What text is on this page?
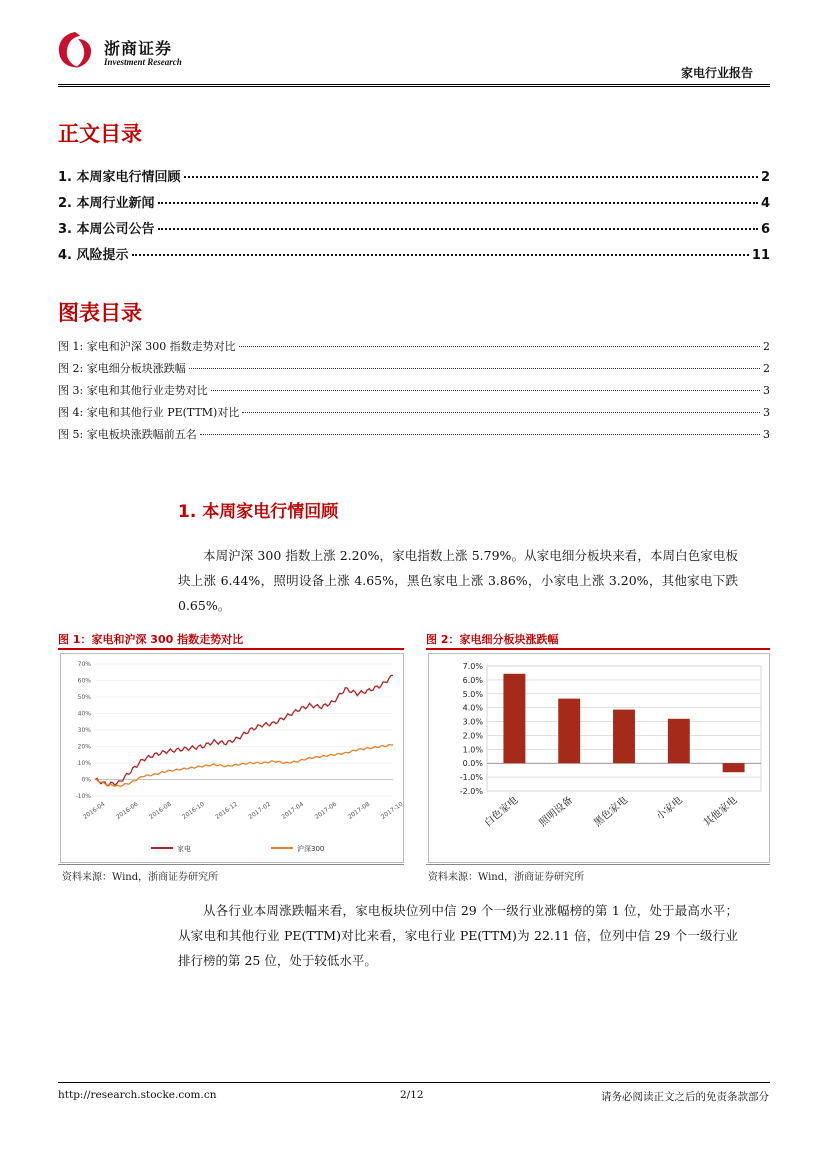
浙商证券
Investment Research
家电行业报告
正文目录
1. 本周家电行情回顾	2
2. 本周行业新闻	4
3. 本周公司公告	6
4. 风险提示	11
图表目录
图 1: 家电和沪深 300 指数走势对比	2
图 2: 家电细分板块涨跌幅	2
图 3: 家电和其他行业走势对比	3
图 4: 家电和其他行业 PE(TTM)对比	3
图 5: 家电板块涨跌幅前五名	3
1. 本周家电行情回顾
本周沪深 300 指数上涨 2.20%，家电指数上涨 5.79%。从家电细分板块来看，本周白色家电板块上涨 6.44%，照明设备上涨 4.65%，黑色家电上涨 3.86%，小家电上涨 3.20%，其他家电下跌 0.65%。
图 1：家电和沪深 300 指数走势对比
70%
60%
50%
40%
30%
20%
10%
0%
-10%
2016-04 2016-06 2016-08 2016-10 2016-12 2017-02 2017-04 2017-06 2017-08 2017-10
家电	沪深300
资料来源：Wind，浙商证券研究所
图 2：家电细分板块涨跌幅
7.0%
6.0%
5.0%
4.0%
3.0%
2.0%
1.0%
0.0%
-1.0%
-2.0%
白色家电 照明设备 黑色家电 小家电 其他家电
资料来源：Wind，浙商证券研究所
从各行业本周涨跌幅来看，家电板块位列中信 29 个一级行业涨幅榜的第 1 位，处于最高水平；从家电和其他行业 PE(TTM)对比来看，家电行业 PE(TTM)为 22.11 倍，位列中信 29 个一级行业排行榜的第 25 位，处于较低水平。
http://research.stocke.com.cn	2/12	请务必阅读正文之后的免责条款部分
